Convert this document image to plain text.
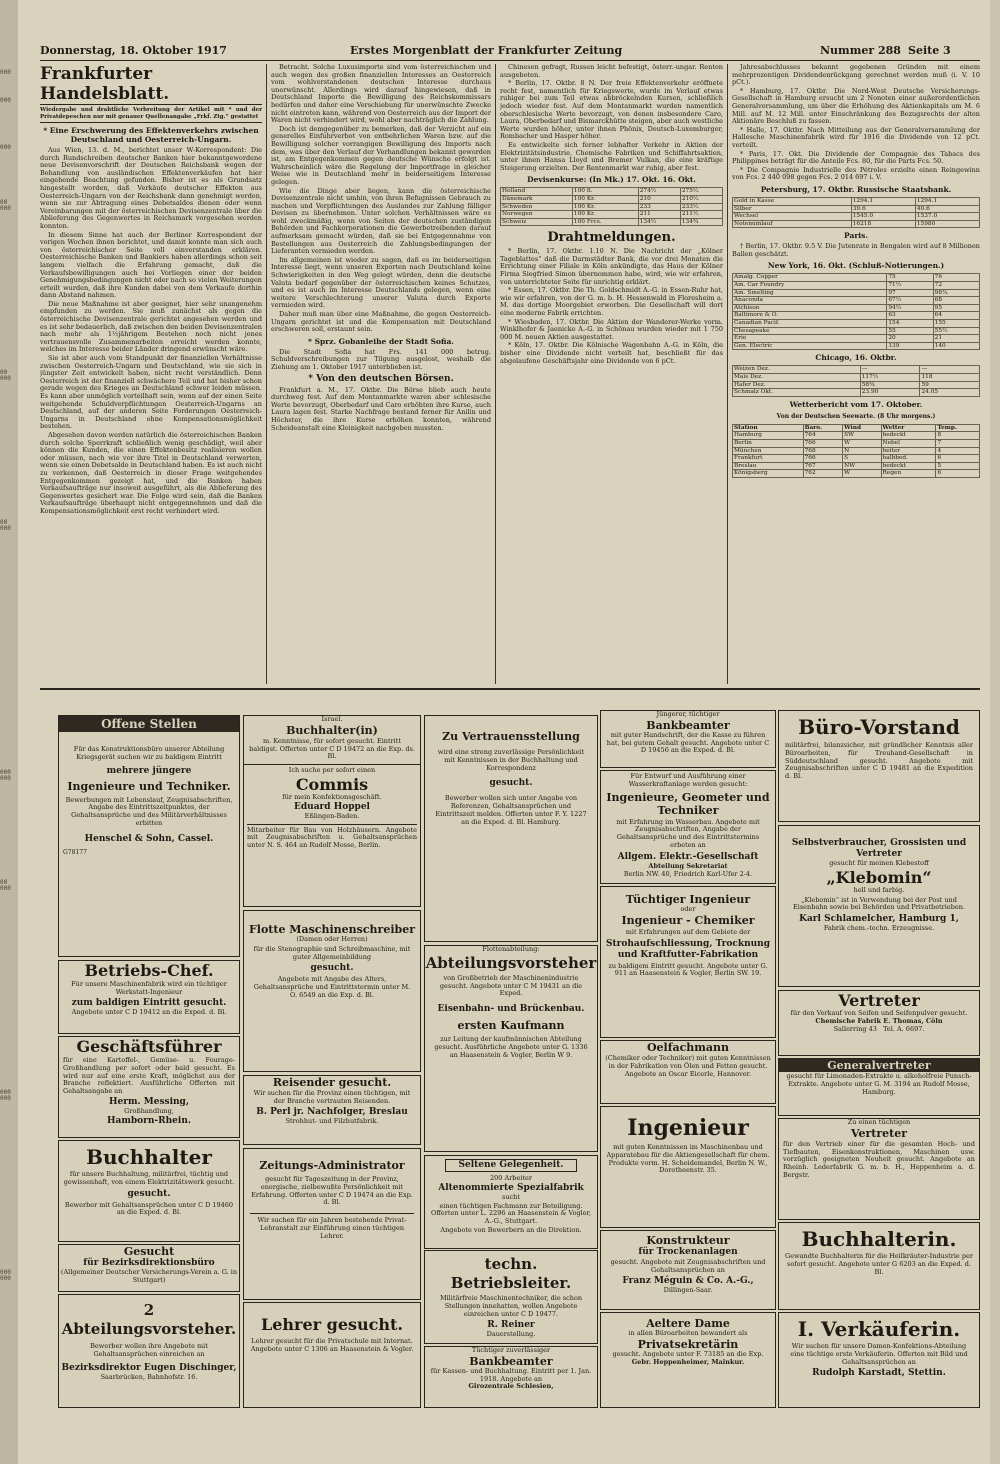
000
000
000
00 000
00 000
00 000
000 000
00 000
000 000
000 000
Donnerstag, 18. Oktober 1917	Erstes Morgenblatt der Frankfurter Zeitung	Nummer 288 Seite 3
Frankfurter Handelsblatt.
Wiedergabe und drahtliche Verbreitung der Artikel mit * und der Privatdepeschen nur mit genauer Quellenangabe „Frkf. Ztg.“ gestattet
* Eine Erschwerung des Effektenverkehrs zwischen Deutschland und Oesterreich-Ungarn.

Aus Wien, 13. d. M., berichtet unser W-Korrespondent: Die durch Rundschreiben deutscher Banken hier bekanntgewordene neue Devisenvorschrift der Deutschen Reichsbank wegen der Behandlung von ausländischen Effektenverkäufen hat hier eingehende Beachtung gefunden. Bisher ist es als Grundsatz hingestellt worden, daß Verkäufe deutscher Effekten aus Oesterreich-Ungarn von der Reichsbank dann genehmigt werden, wenn sie zur Abtragung eines Debetsaldos dienen oder wenn Vereinbarungen mit der österreichischen Devisenzentrale über die Ablieferung des Gegenwertes in Reichsmark vorgesehen werden konnten.

In diesem Sinne hat auch der Berliner Korrespondent der vorigen Wochen ihnen berichtet, und damit konnte man sich auch von österreichischer Seite voll einverstanden erklären. Oesterreichische Banken und Bankiers haben allerdings schon seit langem vielfach die Erfahrung gemacht, daß die Verkaufsbewilligungen auch bei Vorliegen einer der beiden Genehmigungsbedingungen nicht oder nach so vielen Weiterungen erteilt wurden, daß ihre Kunden dabei von dem Verkaufe dorthin dann Abstand nahmen.

Die neue Maßnahme ist aber geeignet, hier sehr unangenehm empfunden zu werden. Sie muß zunächst als gegen die österreichische Devisenzentrale gerichtet angesehen werden und es ist sehr bedauerlich, daß zwischen den beiden Devisenzentralen nach mehr als 1½jährigem Bestehen noch nicht jenes vertrauensvolle Zusammenarbeiten erreicht werden konnte, welches im Interesse beider Länder dringend erwünscht wäre.

Sie ist aber auch vom Standpunkt der finanziellen Verhältnisse zwischen Oesterreich-Ungarn und Deutschland, wie sie sich in jüngster Zeit entwickelt haben, nicht recht verständlich. Denn Oesterreich ist der finanziell schwächere Teil und hat bisher schon gerade wegen des Krieges an Deutschland schwer leiden müssen. Es kann aber unmöglich vorteilhaft sein, wenn auf der einen Seite weitgehende Schuldverpflichtungen Oesterreich-Ungarns an Deutschland, auf der anderen Seite Forderungen Oesterreich-Ungarns in Deutschland ohne Kompensationsmöglichkeit bestehen.

Abgesehen davon werden natürlich die österreichischen Banken durch solche Sperrkraft schließlich wenig geschädigt, weil aber können die Kunden, die einen Effektenbesitz realisieren wollen oder müssen, nach wie vor ihre Titel in Deutschland verwerten, wenn sie einen Debetsaldo in Deutschland haben. Es ist auch nicht zu verkennen, daß Oesterreich in dieser Frage weitgehendes Entgegenkommen gezeigt hat, und die Banken haben Verkaufsaufträge nur insoweit ausgeführt, als die Ablieferung des Gegenwertes gesichert war. Die Folge wird sein, daß die Banken Verkaufsaufträge überhaupt nicht entgegennehmen und daß die Kompensationsmöglichkeit erst recht verhindert wird.

Betracht. Solche Luxusimporte sind vom österreichischen und auch wegen des großen finanziellen Interesses an Oesterreich vom wohlverstandenen deutschen Interesse durchaus unerwünscht. Allerdings wird darauf hingewiesen, daß in Deutschland Importe die Bewilligung des Reichskommissars bedürfen und daher eine Verschiebung für unerwünschte Zwecke nicht eintreten kann, während von Oesterreich aus der Import der Waren nicht verhindert wird, wohl aber nachträglich die Zahlung.

Doch ist demgegenüber zu bemerken, daß der Verzicht auf ein generelles Einfuhrverbot von entbehrlichen Waren bzw. auf die Bewilligung solcher vorrangigen Bewilligung des Imports nach dem, was über den Verlauf der Verhandlungen bekannt geworden ist, am Entgegenkommen gegen deutsche Wünsche erfolgt ist. Wahrscheinlich wäre die Regelung der Importfrage in gleicher Weise wie in Deutschland mehr in beiderseitigem Interesse gelegen.

Wie die Dinge aber liegen, kann die österreichische Devisenzentrale nicht umhin, von ihren Befugnissen Gebrauch zu machen und Verpflichtungen des Auslandes zur Zahlung fälliger Devisen zu übernehmen. Unter solchen Verhältnissen wäre es wohl zweckmäßig, wenn von Seiten der deutschen zuständigen Behörden und Fachkorporationen die Gewerbetreibenden darauf aufmerksam gemacht würden, daß sie bei Entgegennahme von Bestellungen aus Oesterreich die Zahlungsbedingungen der Lieferanten vermieden werden.

Im allgemeinen ist wieder zu sagen, daß es im beiderseitigen Interesse liegt, wenn unseren Exporten nach Deutschland keine Schwierigkeiten in den Weg gelegt würden, denn die deutsche Valuta bedarf gegenüber der österreichischen keines Schutzes, und es ist auch im Interesse Deutschlands gelegen, wenn eine weitere Verschlechterung unserer Valuta durch Exporte vermieden wird.

Daher muß man über eine Maßnahme, die gegen Oesterreich-Ungarn gerichtet ist und die Kompensation mit Deutschland erschweren soll, erstaunt sein.

* Sprz. Gobanleihe der Stadt Sofia.

Die Stadt Sofia hat Frs. 141 000 betrug. Schuldverschreibungen zur Tilgung ausgelost, weshalb die Ziehung am 1. Oktober 1917 unterblieben ist.

* Von den deutschen Börsen.

Frankfurt a. M., 17. Oktbr. Die Börse blieb auch heute durchweg fest. Auf dem Montanmarkte waren aber schlesische Werte bevorzugt, Oberbedarf und Caro erhöhten ihre Kurse, auch Laura lagen fest. Starke Nachfrage bestand ferner für Anilin und Höchster, die ihre Kurse erhöhen konnten, während Scheideanstalt eine Kleinigkeit nachgeben mussten.

Chinesen gefragt, Russen leicht befestigt, österr.-ungar. Renten ausgeboten.

* Berlin, 17. Oktbr. 8 N. Der freie Effektenverkehr eröffnete recht fest, namentlich für Kriegswerte, wurde im Verlauf etwas ruhiger bei zum Teil etwas abbröckelnden Kursen, schließlich jedoch wieder fest. Auf dem Montanmarkt wurden namentlich oberschlesische Werte bevorzugt, von denen insbesondere Caro, Laura, Oberbedarf und Bismarckhütte steigen, aber auch westliche Werte wurden höher, unter ihnen Phönix, Deutsch-Luxemburger, Rombacher und Hasper höher.

Es entwickelte sich ferner lebhafter Verkehr in Aktien der Elektrizitätsindustrie, Chemische Fabriken und Schiffahrtsaktien, unter ihnen Hansa Lloyd und Bremer Vulkan, die eine kräftige Steigerung erzielten. Der Rentenmarkt war ruhig, aber fest.

Devisenkurse: (In Mk.) 17. Okt. 16. Okt.
Holland	100 fl.	274½	275½
Dänemark	100 Kr.	210	210½
Schweden	100 Kr.	233	233½
Norwegen	100 Kr.	211	211½
Schweiz	100 Frcs.	134½	134¾
Drahtmeldungen.

* Berlin, 17. Oktbr. 1.10 N. Die Nachricht der „Kölner Tageblattes“ daß die Darmstädter Bank, die vor drei Monaten die Errichtung einer Filiale in Köln ankündigte, das Haus der Kölner Firma Siegfried Simon übernommen habe, wird, wie wir erfahren, von unterrichteter Seite für unrichtig erklärt.

* Essen, 17. Oktbr. Die Th. Goldschmidt A.-G. in Essen-Ruhr hat, wie wir erfahren, von der G. m. b. H. Hessenwald in Floresheim a. M. das dortige Moorgebiet erworben. Die Gesellschaft will dort eine moderne Fabrik errichten.

* Wiesbaden, 17. Oktbr. Die Aktien der Wanderer-Werke vorm. Winklhofer & Jaenicke A.-G. in Schönau wurden wieder mit 1 750 000 M. neuen Aktien ausgestattet.

* Köln, 17. Oktbr. Die Kölnische Wagenbahn A.-G. in Köln, die bisher eine Dividende nicht verteilt hat, beschließt für das abgelaufene Geschäftsjahr eine Dividende von 6 pCt.

Jahresabschlusses bekannt gegebenen Gründen mit einem mehrprozentigen Dividendenrückgang gerechnet werden muß (i. V. 10 pCt.).

* Hamburg, 17. Oktbr. Die Nord-West Deutsche Versicherungs-Gesellschaft in Hamburg ersucht um 2 Nonoten einer außerordentlichen Generalversammlung, um über die Erhöhung des Aktienkapitals um M. 6 Mill. auf M. 12 Mill. unter Einschränkung des Bezugsrechts der alten Aktionäre Beschluß zu fassen.

* Halle, 17. Oktbr. Nach Mitteilung aus der Generalversammlung der Hallesche Maschinenfabrik wird für 1916 die Dividende von 12 pCt. verteilt.

* Paris, 17. Okt. Die Dividende der Compagnie des Tabacs des Philippines beträgt für die Anteile Fcs. 80, für die Parts Fcs. 50.

* Die Compagnie Industrielle des Pétroles erzielte einen Reingewinn von Fcs. 2 440 098 gegen Fcs. 2 014 697 i. V.

Petersburg, 17. Oktbr. Russische Staatsbank.
Gold in Kasse	1294.1	1294.1
Silber	39.6	40.6
Wechsel	1545.0	1537.0
Notenumlauf	16218	15980
Paris.

† Berlin, 17. Oktbr. 9.5 V. Die Jutenrate in Bengalen wird auf 8 Millionen Ballen geschätzt.

New York, 16. Okt. (Schluß-Notierungen.)
Amalg. Copper	75	76
Am. Car Foundry	71½	72
Am. Smelting	97	98¼
Anaconda	67½	68
Atchison	94½	95
Baltimore & O.	63	64
Canadian Pacif.	154	155
Chesapeake	55	55½
Erie	20	21
Gen. Electric	139	140
Chicago, 16. Oktbr.
Weizen Dez.	—	—
Mais Dez.	117½	118
Hafer Dez.	58¾	59
Schmalz Okt.	23.90	24.05
Wetterbericht vom 17. Oktober.
Von der Deutschen Seewarte. (8 Uhr morgens.)
Station	Baro.	Wind	Wetter	Temp.
Hamburg	764	SW	bedeckt	8
Berlin	766	W	Nebel	7
München	768	N	heiter	4
Frankfurt	766	S	halbbed.	6
Breslau	767	NW	bedeckt	5
Königsberg	762	W	Regen	6
Offene Stellen
Für das Konstruktionsbüro unserer Abteilung Kriegsgerät suchen wir zu baldigem Eintritt
mehrere jüngere
Ingenieure und Techniker.
Bewerbungen mit Lebenslauf, Zeugnisabschriften, Angabe des Eintrittszeitpunktes, der Gehaltsansprüche und des Militärverhältnisses erbitten
Henschel & Sohn, Cassel.
G78177
Betriebs-Chef.
Für unsere Maschinenfabrik wird ein tüchtiger Werkstatt-Ingenieur
zum baldigen Eintritt gesucht.
Angebote unter C D 19412 an die Exped. d. Bl.
Geschäftsführer
für eine Kartoffel-, Gemüse- u. Fourage-Großhandlung per sofort oder bald gesucht. Es wird nur auf eine erste Kraft, möglichst aus der Branche reflektiert. Ausführliche Offerten mit Gehaltsangabe an
Herm. Messing,
Großhandlung,
Hamborn-Rhein.
Buchhalter
für unsere Buchhaltung, militärfrei, tüchtig und gewissenhaft, von einem Elektrizitätswerk gesucht.
gesucht.
Bewerber mit Gehaltsansprüchen unter C D 19460 an die Exped. d. Bl.
Gesucht
für Bezirksdirektionsbüro
(Allgemeiner Deutscher Versicherungs-Verein a. G. in Stuttgart)
2 Abteilungsvorsteher.
Bewerber wollen ihre Angebote mit Gehaltsansprüchen einreichen an
Bezirksdirektor Eugen Dischinger,
Saarbrücken, Bahnhofstr. 16.
Israel.
Buchhalter(in)
m. Kenntnisse, für sofort gesucht. Eintritt baldigst. Offerten unter C D 19472 an die Exp. ds. Bl.
Ich suche per sofort einen
Commis
für mein Konfektionsgeschäft.
Eduard Hoppel
Eßlingen-Baden.
Mitarbeiter für Bau von Holzhäusern. Angebote mit Zeugnisabschriften u. Gehaltsansprüchen unter N. S. 464 an Rudolf Mosse, Berlin.
Flotte Maschinenschreiber
(Damen oder Herren)
für die Stenographie und Schreibmaschine, mit guter Allgemeinbildung
gesucht.
Angebote mit Angabe des Alters, Gehaltsansprüche und Eintrittstermin unter M. O. 6549 an die Exp. d. Bl.
Reisender gesucht.
Wir suchen für die Provinz einen tüchtigen, mit der Branche vertrauten Reisenden.
B. Perl jr. Nachfolger, Breslau
Strohhut- und Filzhutfabrik.
Zeitungs-Administrator
gesucht für Tageszeitung in der Provinz, energische, zielbewußte Persönlichkeit mit Erfahrung. Offerten unter C D 19474 an die Exp. d. Bl.
Wir suchen für ein Jahren bestehende Privat-Lehranstalt zur Einführung einen tüchtigen Lehrer.
Lehrer gesucht.
Lehrer gesucht für die Privatschule mit Internat. Angebote unter C 1306 an Haasenstein & Vogler.
Zu Vertrauensstellung
wird eine streng zuverlässige Persönlichkeit mit Kenntnissen in der Buchhaltung und Korrespondenz
gesucht.
Bewerber wollen sich unter Angabe von Referenzen, Gehaltsansprüchen und Eintrittszeit melden. Offerten unter F. Y. 1227 an die Exped. d. Bl. Hamburg.
Flottenabteilung:
Abteilungsvorsteher
von Großbetrieb der Maschinenindustrie gesucht. Angebote unter C M 19431 an die Exped.
Eisenbahn- und Brückenbau.
ersten Kaufmann
zur Leitung der kaufmännischen Abteilung gesucht. Ausführliche Angebote unter G. 1336 an Haasenstein & Vogler, Berlin W 9.
Seltene Gelegenheit.
200 Arbeiter
Altenommierte Spezialfabrik
sucht
einen tüchtigen Fachmann zur Beteiligung. Offerten unter L. 2296 an Haasenstein & Vogler, A.-G., Stuttgart.
Angebote von Bewerbern an die Direktion.
techn. Betriebsleiter.
Militärfreie Maschinentechniker, die schon Stellungen innehatten, wollen Angebote einreichen unter C D 19477.
R. Reiner
Dauerstellung.
Tüchtiger zuverlässiger
Bankbeamter
für Kassen- und Buchhaltung. Eintritt per 1. Jan. 1918. Angebote an
Girozentrale Schlesien,
Jüngerer, tüchtiger
Bankbeamter
mit guter Handschrift, der die Kasse zu führen hat, bei gutem Gehalt gesucht. Angebote unter C D 19456 an die Exped. d. Bl.
Für Entwurf und Ausführung einer Wasserkraftanlage werden gesucht:
Ingenieure, Geometer und Techniker
mit Erfahrung im Wasserbau. Angebote mit Zeugnisabschriften, Angabe der Gehaltsansprüche und des Eintrittstermins erbeten an
Allgem. Elektr.-Gesellschaft
Abteilung Sekretariat
Berlin NW. 40, Friedrich Karl-Ufer 2-4.
Tüchtiger Ingenieur
oder
Ingenieur - Chemiker
mit Erfahrungen auf dem Gebiete der
Strohaufschliessung, Trocknung und Kraftfutter-Fabrikation
zu baldigem Eintritt gesucht. Angebote unter G. 911 an Haasenstein & Vogler, Berlin SW. 19.
Oelfachmann
(Chemiker oder Techniker) mit guten Kenntnissen in der Fabrikation von Ölen und Fetten gesucht. Angebote an Oscar Eicerle, Hannover.
Ingenieur
mit guten Kenntnissen im Maschinenbau und Apparatebau für die Aktiengesellschaft für chem. Produkte vorm. H. Scheidemandel, Berlin N. W., Dorotheenstr. 35.
Konstrukteur
für Trockenanlagen
gesucht. Angebote mit Zeugnisabschriften und Gehaltsansprüchen an
Franz Méguin & Co. A.-G.,
Dillingen-Saar.
Aeltere Dame
in allen Büroarbeiten bewandert als
Privatsekretärin
gesucht. Angebote unter F. 73185 an die Exp.
Gebr. Heppenheimer, Mainkur.
Büro-Vorstand
militärfrei, bilanzsicher, mit gründlicher Kenntnis aller Büroarbeiten, für Treuhand-Gesellschaft in Süddeutschland gesucht. Angebote mit Zeugnisabschriften unter C D 19481 an die Expedition d. Bl.
Selbstverbraucher, Grossisten und
Vertreter
gesucht für meinen Klebestoff
„Klebomin“
hell und farbig.
„Klebomin“ ist in Verwendung bei der Post und Eisenbahn sowie bei Behörden und Privatbetrieben.
Karl Schlamelcher, Hamburg 1,
Fabrik chem.-techn. Erzeugnisse.
Vertreter
für den Verkauf von Seifen und Seifenpulver gesucht.
Chemische Fabrik E. Thomas, Cöln
Sallerring 43 Tel. A. 6697.
Generalvertreter
gesucht für Limonaden-Extrakte u. alkoholfreie Punsch-Extrakte. Angebote unter G. M. 3194 an Rudolf Mosse, Hamburg.
Zu einen tüchtigen
Vertreter
für den Vertrieb einer für die gesamten Hoch- und Tiefbauten, Eisenkonstruktionen, Maschinen usw. vorzüglich geeigneten Neuheit gesucht. Angebote an Rheinh. Lederfabrik G. m. b. H., Heppenheim a. d. Bergstr.
Buchhalterin.
Gewandte Buchhalterin für die Heilkräuter-Industrie per sofort gesucht. Angebote unter G 6203 an die Exped. d. Bl.
I. Verkäuferin.
Wir suchen für unsere Damen-Konfektions-Abteilung eine tüchtige erste Verkäuferin. Offerten mit Bild und Gehaltsansprüchen an
Rudolph Karstadt, Stettin.
